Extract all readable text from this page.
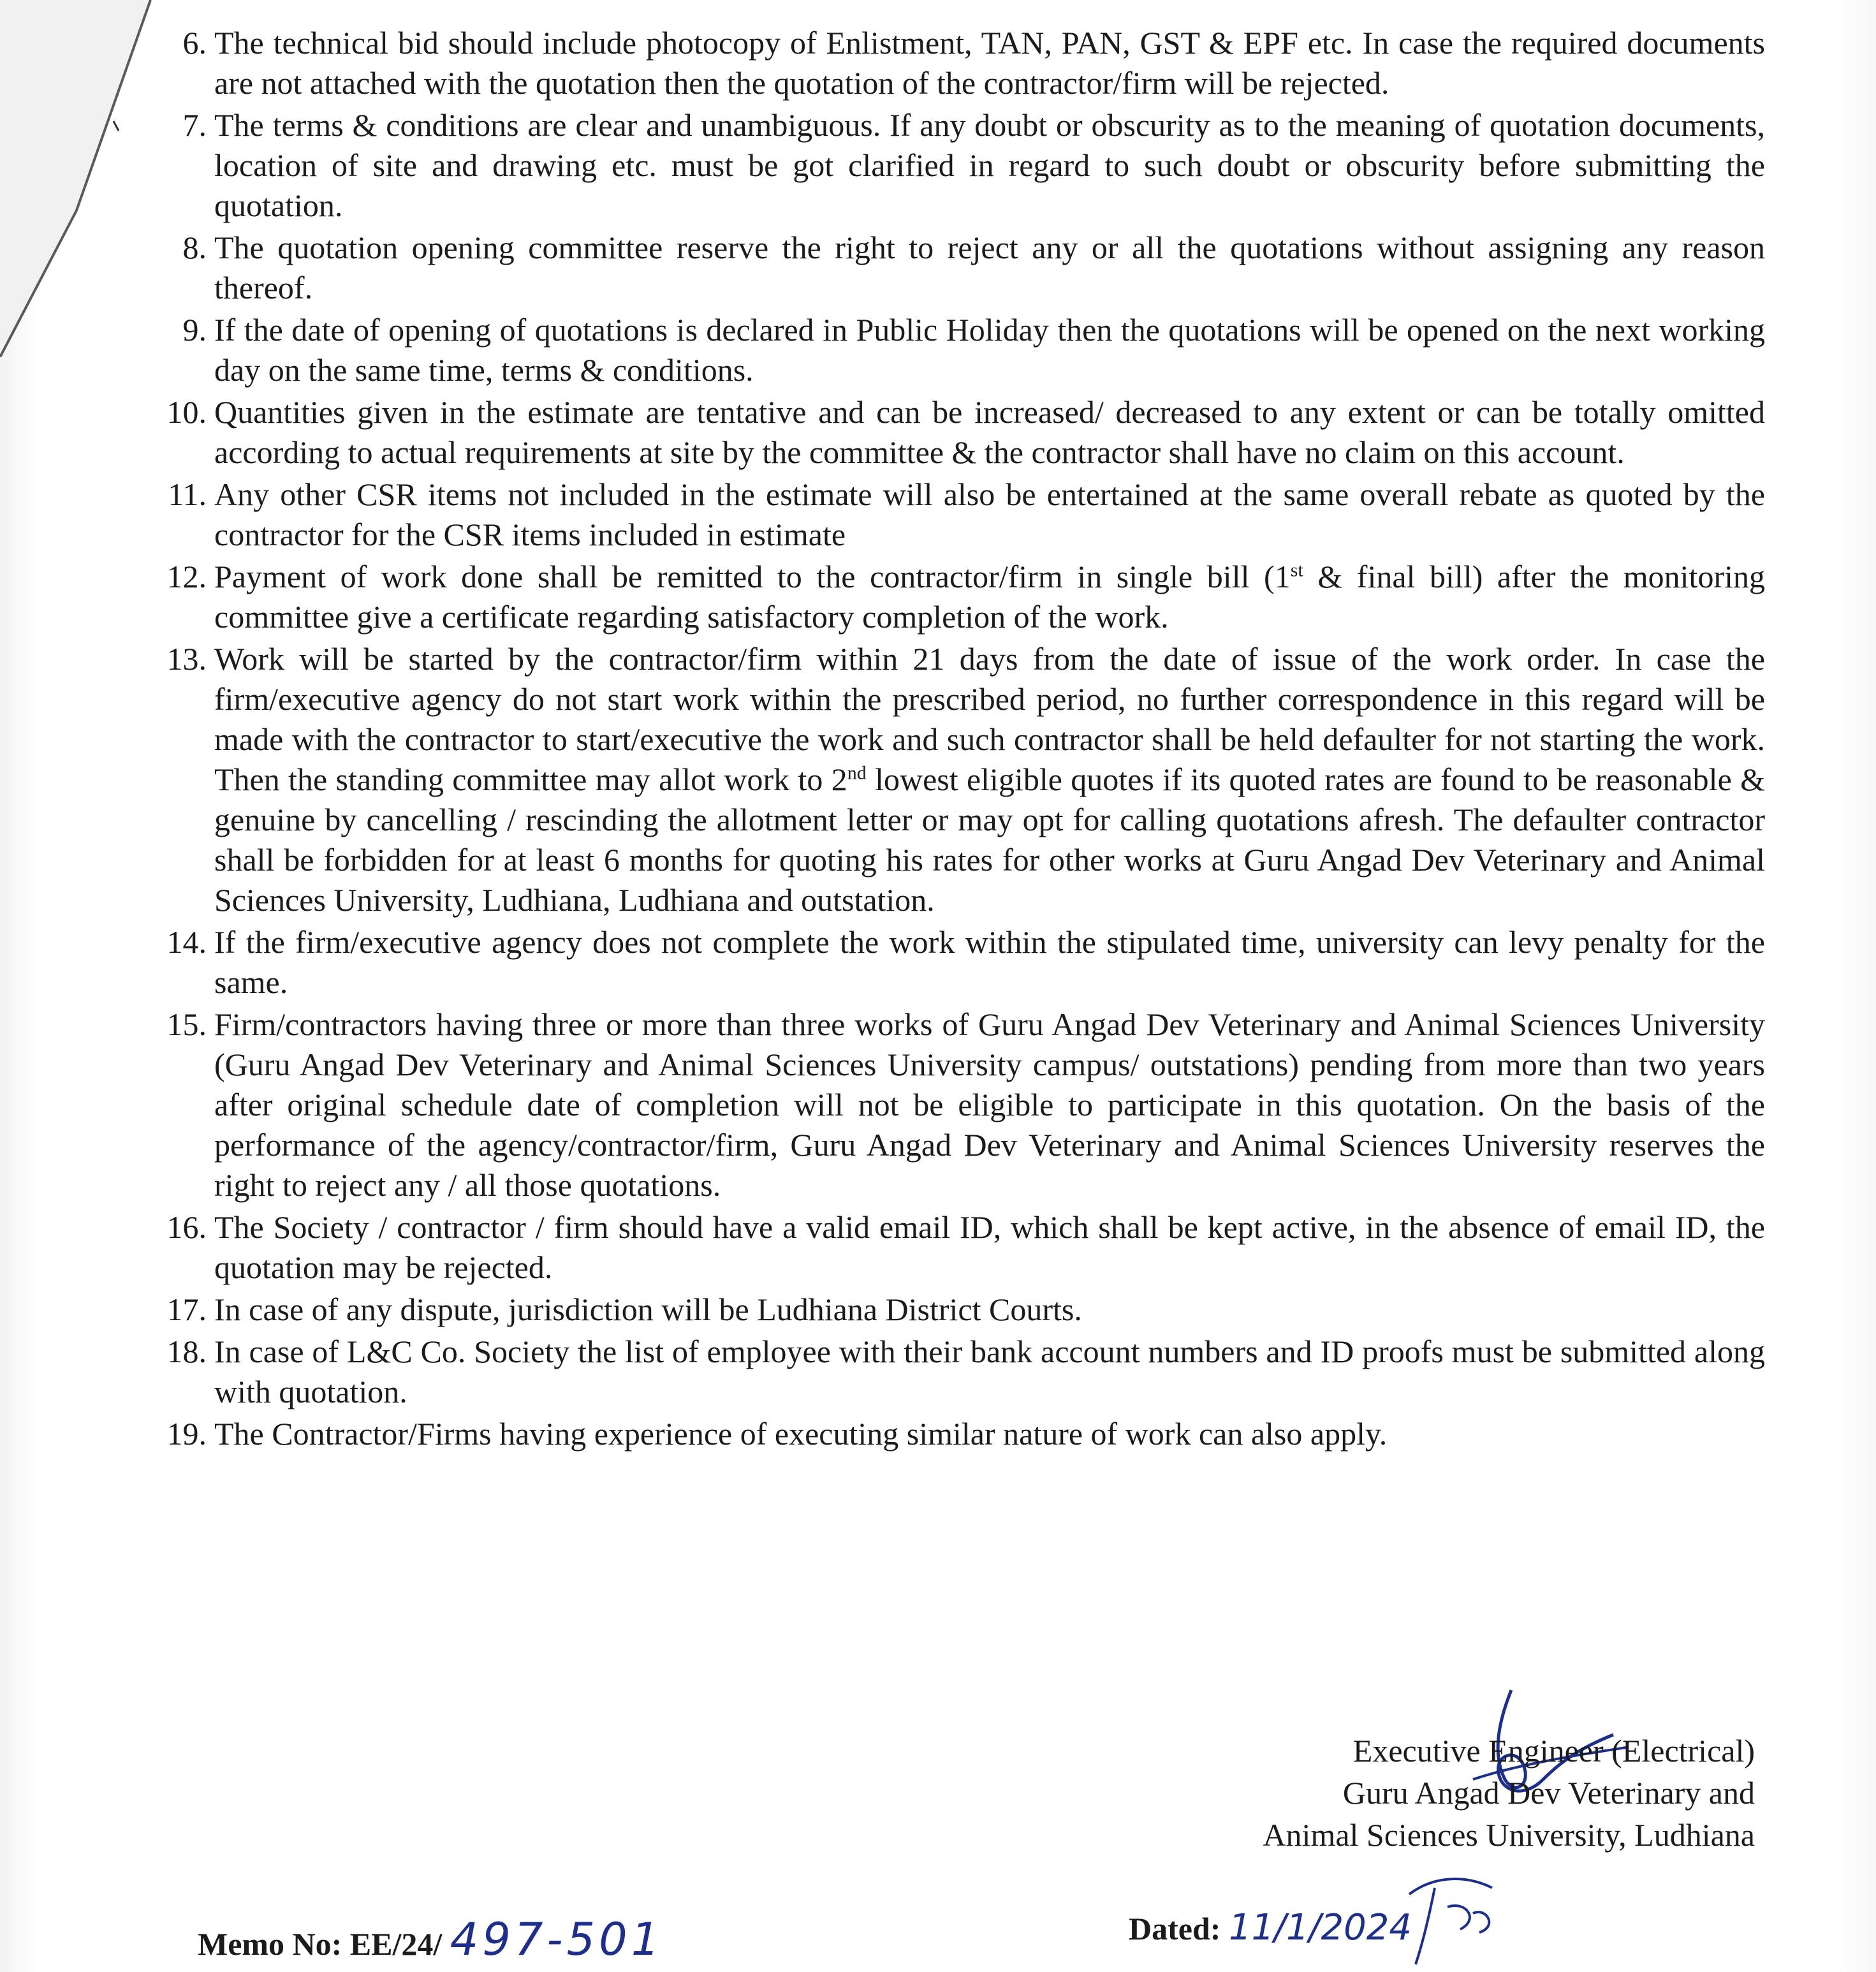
6. The technical bid should include photocopy of Enlistment, TAN, PAN, GST & EPF etc. In case the required documents are not attached with the quotation then the quotation of the contractor/firm will be rejected.
7. The terms & conditions are clear and unambiguous. If any doubt or obscurity as to the meaning of quotation documents, location of site and drawing etc. must be got clarified in regard to such doubt or obscurity before submitting the quotation.
8. The quotation opening committee reserve the right to reject any or all the quotations without assigning any reason thereof.
9. If the date of opening of quotations is declared in Public Holiday then the quotations will be opened on the next working day on the same time, terms & conditions.
10. Quantities given in the estimate are tentative and can be increased/ decreased to any extent or can be totally omitted according to actual requirements at site by the committee & the contractor shall have no claim on this account.
11. Any other CSR items not included in the estimate will also be entertained at the same overall rebate as quoted by the contractor for the CSR items included in estimate
12. Payment of work done shall be remitted to the contractor/firm in single bill (1st & final bill) after the monitoring committee give a certificate regarding satisfactory completion of the work.
13. Work will be started by the contractor/firm within 21 days from the date of issue of the work order. In case the firm/executive agency do not start work within the prescribed period, no further correspondence in this regard will be made with the contractor to start/executive the work and such contractor shall be held defaulter for not starting the work. Then the standing committee may allot work to 2nd lowest eligible quotes if its quoted rates are found to be reasonable & genuine by cancelling / rescinding the allotment letter or may opt for calling quotations afresh. The defaulter contractor shall be forbidden for at least 6 months for quoting his rates for other works at Guru Angad Dev Veterinary and Animal Sciences University, Ludhiana, Ludhiana and outstation.
14. If the firm/executive agency does not complete the work within the stipulated time, university can levy penalty for the same.
15. Firm/contractors having three or more than three works of Guru Angad Dev Veterinary and Animal Sciences University (Guru Angad Dev Veterinary and Animal Sciences University campus/ outstations) pending from more than two years after original schedule date of completion will not be eligible to participate in this quotation. On the basis of the performance of the agency/contractor/firm, Guru Angad Dev Veterinary and Animal Sciences University reserves the right to reject any / all those quotations.
16. The Society / contractor / firm should have a valid email ID, which shall be kept active, in the absence of email ID, the quotation may be rejected.
17. In case of any dispute, jurisdiction will be Ludhiana District Courts.
18. In case of L&C Co. Society the list of employee with their bank account numbers and ID proofs must be submitted along with quotation.
19. The Contractor/Firms having experience of executing similar nature of work can also apply.
Executive Engineer (Electrical)
Guru Angad Dev Veterinary and
Animal Sciences University, Ludhiana
Memo No: EE/24/ 497-501	Dated: 11/1/2024
